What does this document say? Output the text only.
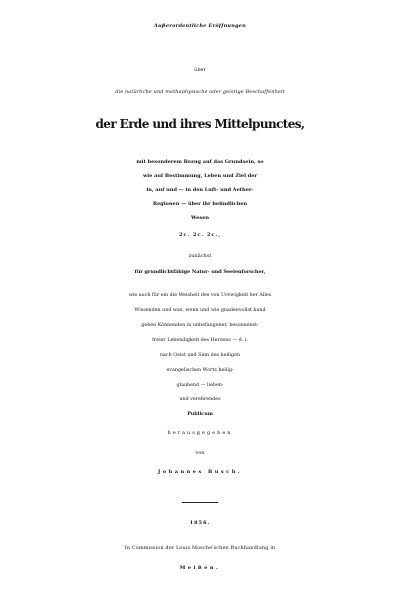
Außerordentliche Eröffnungen
über
die natürliche und methaphysische oder geistige Beschaffenheit
der Erde und ihres Mittelpunctes,
mit besonderem Bezug auf das Grundsein, so
wie auf Bestimmung, Leben und Ziel der
in, auf und — in den Luft- und Aether-
Regionen — über ihr befindlichen
Wesen
2c. 2c. 2c.,
zunächst
für grundlichtfähige Natur- und Seelenforscher,
wie auch für ein die Weisheit des von Urewigkeit her Alles
Wissenden und was, wenn und wie gnadenvollst kund
geben Könnenden in unbefangener, besonnenst-
freier Lebendigkeit des Herzens — d. i.
nach Geist und Sinn des heiligen
evangelischen Worts heilig-
glaubend — lieben-
und verehrendes
Publicum
herausgegeben
von
Johannes Busch.
1856.
In Commission der Louis Mosche'schen Buchhandlung in
Meißen.
